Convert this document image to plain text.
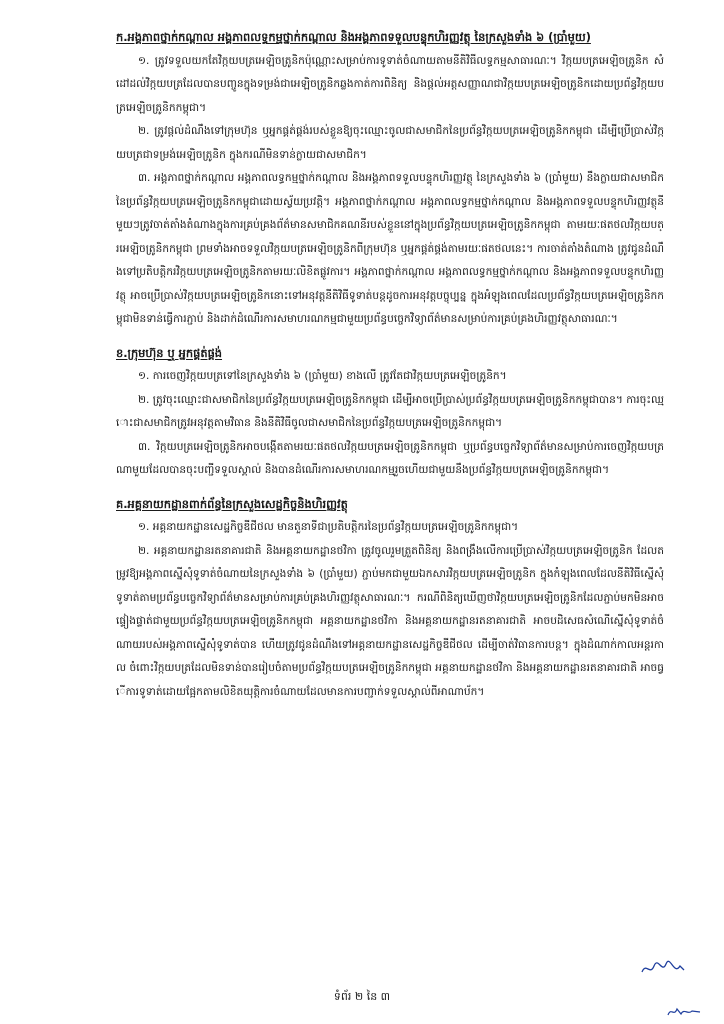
ក.អង្គភាពថ្នាក់កណ្ដាល អង្គភាពលទ្ធកម្មថ្នាក់កណ្ដាល និងអង្គភាពទទួលបន្ទុកហិរញ្ញវត្ថុ នៃក្រសួងទាំង ៦ (ប្រាំមួយ)

១. ត្រូវទទួលយកតែវិក្កយបត្រអេឡិចត្រូនិកប៉ុណ្ណោះសម្រាប់ការទូទាត់ចំណាយតាមនីតិវិធីលទ្ធកម្មសាធារណៈ។ វិក្កយបត្រអេឡិចត្រូនិក សំដៅដល់វិក្កយបត្រដែលបានបញ្ចូនក្នុងទម្រង់ជាអេឡិចត្រូនិកឆ្លងកាត់ការពិនិត្យ និងផ្ដល់អត្តសញ្ញាណជាវិក្កយបត្រអេឡិចត្រូនិកដោយប្រព័ន្ធវិក្កយបត្រអេឡិចត្រូនិកកម្ពុជា។

២. ត្រូវផ្ដល់ដំណឹងទៅក្រុមហ៊ុន ឬអ្នកផ្គត់ផ្គង់របស់ខ្លួនឱ្យចុះឈ្មោះចូលជាសមាជិកនៃប្រព័ន្ធវិក្កយបត្រអេឡិចត្រូនិកកម្ពុជា ដើម្បីប្រើប្រាស់វិក្កយបត្រជាទម្រង់អេឡិចត្រូនិក ក្នុងករណីមិនទាន់ក្លាយជាសមាជិក។

៣. អង្គភាពថ្នាក់កណ្ដាល អង្គភាពលទ្ធកម្មថ្នាក់កណ្ដាល និងអង្គភាពទទួលបន្ទុកហិរញ្ញវត្ថុ នៃក្រសួងទាំង ៦ (ប្រាំមួយ) នឹងក្លាយជាសមាជិកនៃប្រព័ន្ធវិក្កយបត្រអេឡិចត្រូនិកកម្ពុជាដោយស្វ័យប្រវត្តិ។ អង្គភាពថ្នាក់កណ្ដាល អង្គភាពលទ្ធកម្មថ្នាក់កណ្ដាល និងអង្គភាពទទួលបន្ទុកហិរញ្ញវត្ថុនីមួយៗត្រូវចាត់តាំងតំណាងក្នុងការគ្រប់គ្រងព័ត៌មានសមាជិកគណនីរបស់ខ្លួននៅក្នុងប្រព័ន្ធវិក្កយបត្រអេឡិចត្រូនិកកម្ពុជា តាមរយៈផតថលវិក្កយបត្រអេឡិចត្រូនិកកម្ពុជា ព្រមទាំងអាចទទួលវិក្កយបត្រអេឡិចត្រូនិកពីក្រុមហ៊ុន ឬអ្នកផ្គត់ផ្គង់តាមរយៈផតថលនេះ។ ការចាត់តាំងតំណាង ត្រូវជូនដំណឹងទៅប្រតិបត្តិករវិក្កយបត្រអេឡិចត្រូនិកតាមរយៈលិខិតផ្លូវការ។ អង្គភាពថ្នាក់កណ្ដាល អង្គភាពលទ្ធកម្មថ្នាក់កណ្ដាល និងអង្គភាពទទួលបន្ទុកហិរញ្ញវត្ថុ អាចប្រើប្រាស់វិក្កយបត្រអេឡិចត្រូនិកនោះទៅអនុវត្តនីតិវិធីទូទាត់បន្តដូចការអនុវត្តបច្ចុប្បន្ន ក្នុងអំឡុងពេលដែលប្រព័ន្ធវិក្កយបត្រអេឡិចត្រូនិកកម្ពុជាមិនទាន់ធ្វើការភ្ជាប់ និងដាក់ដំណើរការសមាហរណកម្មជាមួយប្រព័ន្ធបច្ចេកវិទ្យាព័ត៌មានសម្រាប់ការគ្រប់គ្រងហិរញ្ញវត្ថុសាធារណៈ។

ខ.ក្រុមហ៊ុន ឬ អ្នកផ្គត់ផ្គង់

១. ការចេញវិក្កយបត្រទៅនៃក្រសួងទាំង ៦ (ប្រាំមួយ) ខាងលើ ត្រូវតែជាវិក្កយបត្រអេឡិចត្រូនិក។

២. ត្រូវចុះឈ្មោះជាសមាជិកនៃប្រព័ន្ធវិក្កយបត្រអេឡិចត្រូនិកកម្ពុជា ដើម្បីអាចប្រើប្រាស់ប្រព័ន្ធវិក្កយបត្រអេឡិចត្រូនិកកម្ពុជាបាន។ ការចុះឈ្មោះជាសមាជិកត្រូវអនុវត្តតាមវិធាន និងនីតិវិធីចូលជាសមាជិកនៃប្រព័ន្ធវិក្កយបត្រអេឡិចត្រូនិកកម្ពុជា។

៣. វិក្កយបត្រអេឡិចត្រូនិកអាចបង្កើតតាមរយៈផតថលវិក្កយបត្រអេឡិចត្រូនិកកម្ពុជា ឬប្រព័ន្ធបច្ចេកវិទ្យាព័ត៌មានសម្រាប់ការចេញវិក្កយបត្រណាមួយដែលបានចុះបញ្ជីទទួលស្គាល់ និងបានដំណើរការសមាហរណកម្មរួចហើយជាមួយនឹងប្រព័ន្ធវិក្កយបត្រអេឡិចត្រូនិកកម្ពុជា។

គ.អគ្គនាយកដ្ឋានពាក់ព័ន្ធនៃក្រសួងសេដ្ឋកិច្ចនិងហិរញ្ញវត្ថុ

១. អគ្គនាយកដ្ឋានសេដ្ឋកិច្ចឌីជីថល មានតួនាទីជាប្រតិបត្តិករនៃប្រព័ន្ធវិក្កយបត្រអេឡិចត្រូនិកកម្ពុជា។

២. អគ្គនាយកដ្ឋានរតនាគារជាតិ និងអគ្គនាយកដ្ឋានថវិកា ត្រូវចូលរួមត្រួតពិនិត្យ និងពង្រឹងលើការប្រើប្រាស់វិក្កយបត្រអេឡិចត្រូនិក ដែលតម្រូវឱ្យអង្គភាពស្នើសុំទូទាត់ចំណាយនៃក្រសួងទាំង ៦ (ប្រាំមួយ) ភ្ជាប់មកជាមួយឯកសារវិក្កយបត្រអេឡិចត្រូនិក ក្នុងកំឡុងពេលដែលនីតិវិធីស្នើសុំទូទាត់តាមប្រព័ន្ធបច្ចេកវិទ្យាព័ត៌មានសម្រាប់ការគ្រប់គ្រងហិរញ្ញវត្ថុសាធារណៈ។ ករណីពិនិត្យឃើញថាវិក្កយបត្រអេឡិចត្រូនិកដែលភ្ជាប់មកមិនអាចផ្ទៀងផ្ទាត់ជាមួយប្រព័ន្ធវិក្កយបត្រអេឡិចត្រូនិកកម្ពុជា អគ្គនាយកដ្ឋានថវិកា និងអគ្គនាយកដ្ឋានរតនាគារជាតិ អាចបដិសេធសំណើស្នើសុំទូទាត់ចំណាយរបស់អង្គភាពស្នើសុំទូទាត់បាន ហើយត្រូវជូនដំណឹងទៅអគ្គនាយកដ្ឋានសេដ្ឋកិច្ចឌីជីថល ដើម្បីចាត់វិធានការបន្ត។ ក្នុងដំណាក់កាលអន្តរកាល ចំពោះវិក្កយបត្រដែលមិនទាន់បានរៀបចំតាមប្រព័ន្ធវិក្កយបត្រអេឡិចត្រូនិកកម្ពុជា អគ្គនាយកដ្ឋានថវិកា និងអគ្គនាយកដ្ឋានរតនាគារជាតិ អាចធ្វើការទូទាត់ដោយផ្អែកតាមលិខិតយុត្តិការចំណាយដែលមានការបញ្ជាក់ទទួលស្គាល់ពីអាណាប័ក។

ទំព័រ ២ នៃ ៣
